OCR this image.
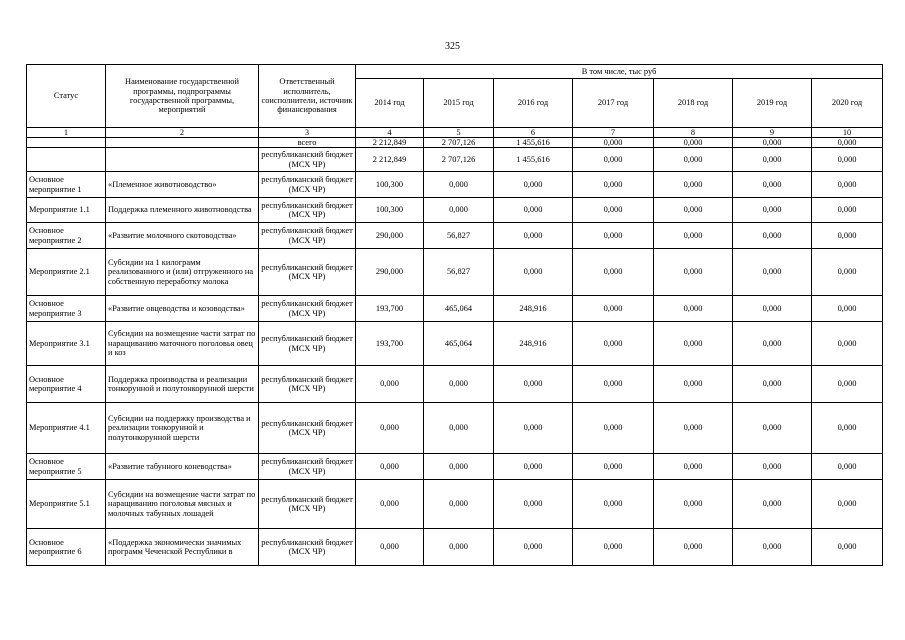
325
Статус	Наименование государственной программы, подпрограммы государственной программы, мероприятий	Ответственный исполнитель, соисполнители, источник финансирования	В том числе, тыс руб						
			2014 год	2015 год	2016 год	2017 год	2018 год	2019 год	2020 год
1	2	3	4	5	6	7	8	9	10
		всего	2 212,849	2 707,126	1 455,616	0,000	0,000	0,000	0,000
		республиканский бюджет (МСХ ЧР)	2 212,849	2 707,126	1 455,616	0,000	0,000	0,000	0,000
Основное мероприятие 1	«Племенное животноводство»	республиканский бюджет (МСХ ЧР)	100,300	0,000	0,000	0,000	0,000	0,000	0,000
Мероприятие 1.1	Поддержка племенного животноводства	республиканский бюджет (МСХ ЧР)	100,300	0,000	0,000	0,000	0,000	0,000	0,000
Основное мероприятие 2	«Развитие молочного скотоводства»	республиканский бюджет (МСХ ЧР)	290,000	56,827	0,000	0,000	0,000	0,000	0,000
Мероприятие 2.1	Субсидии на 1 килограмм реализованного и (или) отгруженного на собственную переработку молока	республиканский бюджет (МСХ ЧР)	290,000	56,827	0,000	0,000	0,000	0,000	0,000
Основное мероприятие 3	«Развитие овцеводства и козоводства»	республиканский бюджет (МСХ ЧР)	193,700	465,064	248,916	0,000	0,000	0,000	0,000
Мероприятие 3.1	Субсидии на возмещение части затрат по наращиванию маточного поголовья овец и коз	республиканский бюджет (МСХ ЧР)	193,700	465,064	248,916	0,000	0,000	0,000	0,000
Основное мероприятие 4	Поддержка производства и реализации тонкорунной и полутонкорунной шерсти	республиканский бюджет (МСХ ЧР)	0,000	0,000	0,000	0,000	0,000	0,000	0,000
Мероприятие 4.1	Субсидии на поддержку производства и реализации тонкорунной и полутонкорунной шерсти	республиканский бюджет (МСХ ЧР)	0,000	0,000	0,000	0,000	0,000	0,000	0,000
Основное мероприятие 5	«Развитие табунного коневодства»	республиканский бюджет (МСХ ЧР)	0,000	0,000	0,000	0,000	0,000	0,000	0,000
Мероприятие 5.1	Субсидии на возмещение части затрат по наращиванию поголовья мясных и молочных табунных лошадей	республиканский бюджет (МСХ ЧР)	0,000	0,000	0,000	0,000	0,000	0,000	0,000
Основное мероприятие 6	«Поддержка экономически значимых программ Чеченской Республики в	республиканский бюджет (МСХ ЧР)	0,000	0,000	0,000	0,000	0,000	0,000	0,000
